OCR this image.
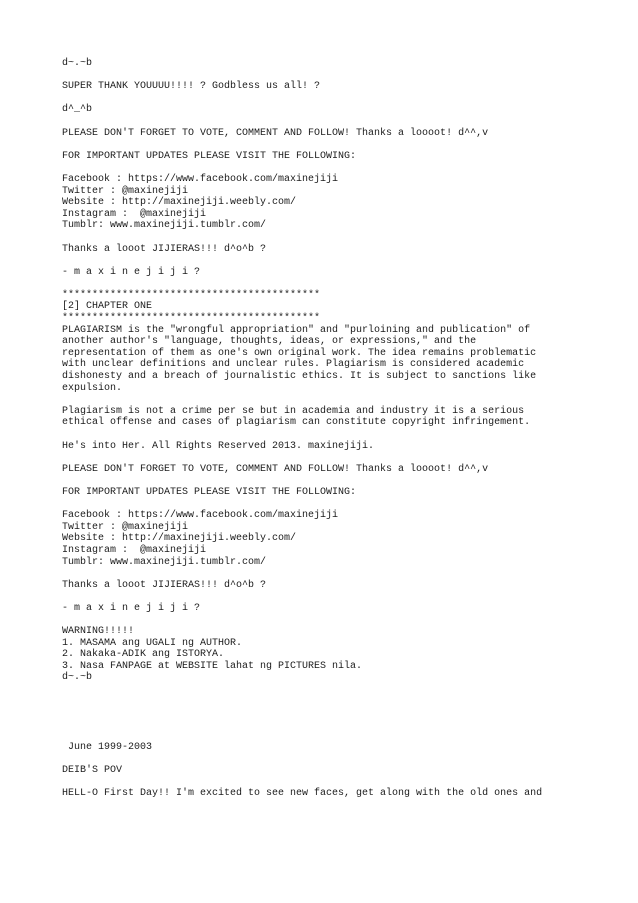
d~.~b
SUPER THANK YOUUUU!!!! ? Godbless us all! ?
d^_^b
PLEASE DON'T FORGET TO VOTE, COMMENT AND FOLLOW! Thanks a loooot! d^^,v
FOR IMPORTANT UPDATES PLEASE VISIT THE FOLLOWING:
Facebook : https://www.facebook.com/maxinejiji
Twitter : @maxinejiji
Website : http://maxinejiji.weebly.com/
Instagram :  @maxinejiji
Tumblr: www.maxinejiji.tumblr.com/
Thanks a looot JIJIERAS!!! d^o^b ?
- m a x i n e j i j i ?
*******************************************
[2] CHAPTER ONE
*******************************************
PLAGIARISM is the "wrongful appropriation" and "purloining and publication" of
another author's "language, thoughts, ideas, or expressions," and the
representation of them as one's own original work. The idea remains problematic
with unclear definitions and unclear rules. Plagiarism is considered academic
dishonesty and a breach of journalistic ethics. It is subject to sanctions like
expulsion.
Plagiarism is not a crime per se but in academia and industry it is a serious
ethical offense and cases of plagiarism can constitute copyright infringement.
He's into Her. All Rights Reserved 2013. maxinejiji.
PLEASE DON'T FORGET TO VOTE, COMMENT AND FOLLOW! Thanks a loooot! d^^,v
FOR IMPORTANT UPDATES PLEASE VISIT THE FOLLOWING:
Facebook : https://www.facebook.com/maxinejiji
Twitter : @maxinejiji
Website : http://maxinejiji.weebly.com/
Instagram :  @maxinejiji
Tumblr: www.maxinejiji.tumblr.com/
Thanks a looot JIJIERAS!!! d^o^b ?
- m a x i n e j i j i ?
WARNING!!!!!
1. MASAMA ang UGALI ng AUTHOR.
2. Nakaka-ADIK ang ISTORYA.
3. Nasa FANPAGE at WEBSITE lahat ng PICTURES nila.
d~.~b
June 1999-2003
DEIB'S POV
HELL-O First Day!! I'm excited to see new faces, get along with the old ones and
